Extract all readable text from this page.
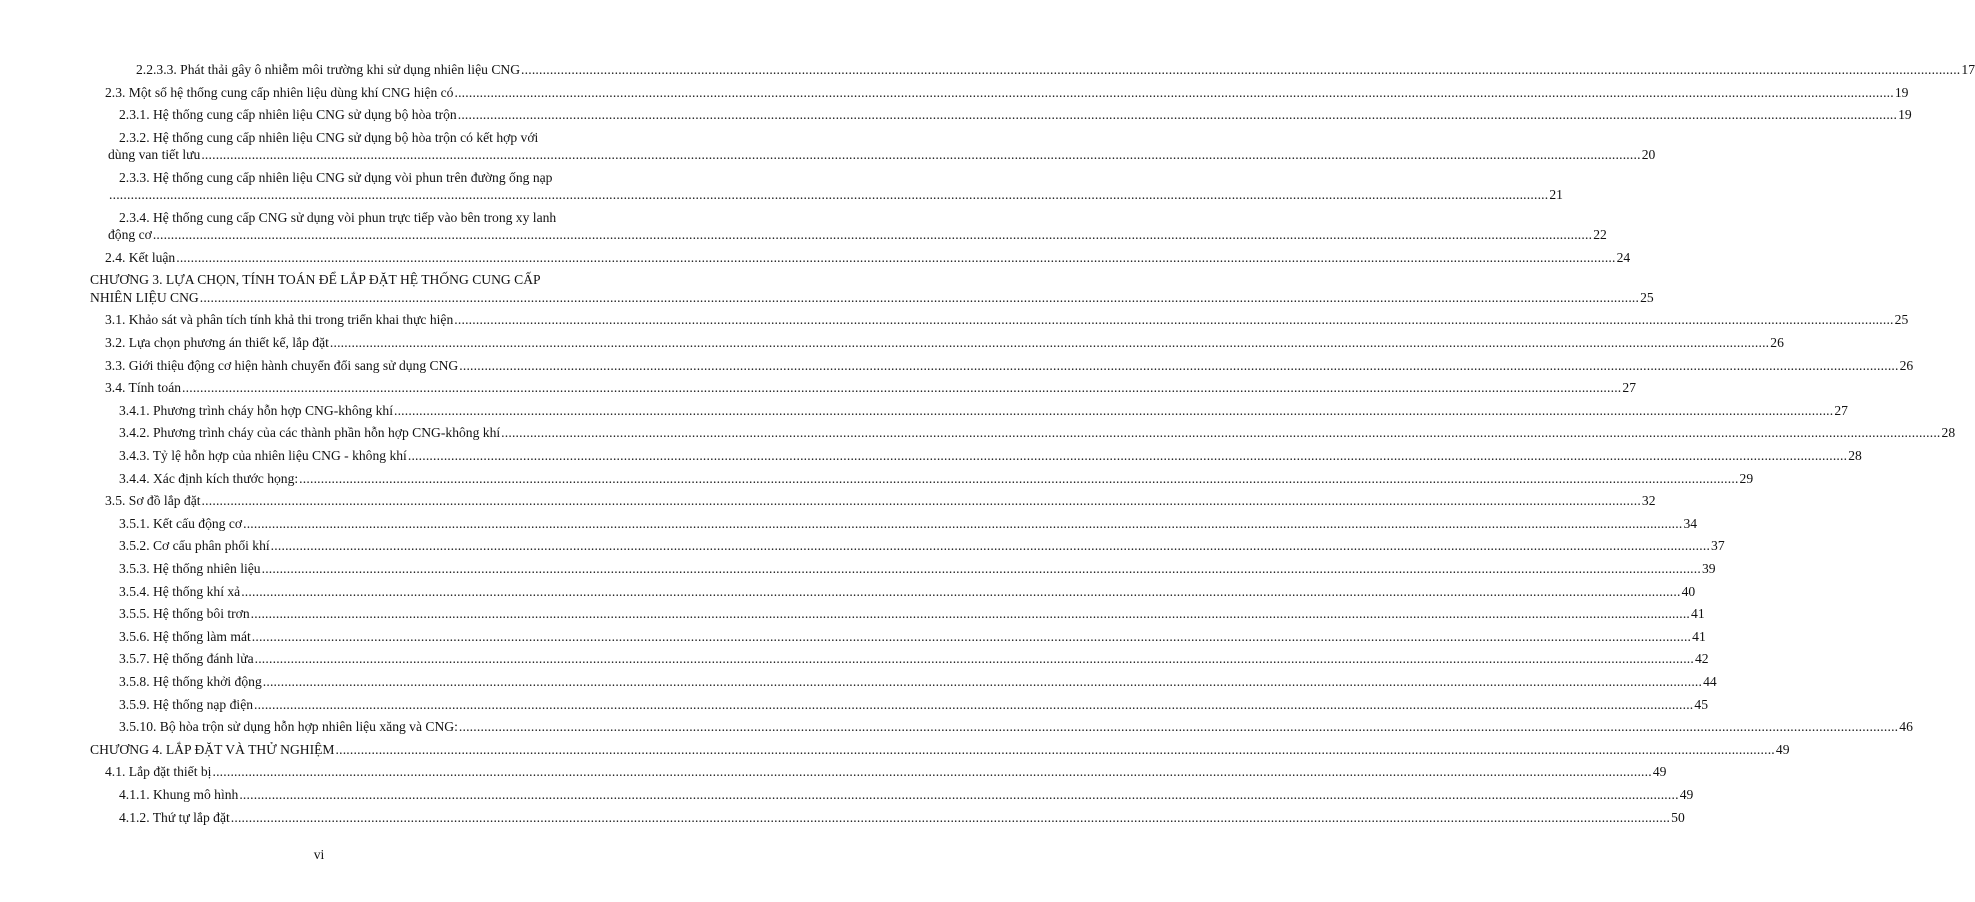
2.2.3.3. Phát thải gây ô nhiễm môi trường khi sử dụng nhiên liệu CNG ................................................................................................................................................................................................................................................................................................................................................................................................................ 17
2.3. Một số hệ thống cung cấp nhiên liệu dùng khí CNG hiện có ................................................................................................................................................................................................................................................................................................................................................................................................................ 19
2.3.1. Hệ thống cung cấp nhiên liệu CNG sử dụng bộ hòa trộn ................................................................................................................................................................................................................................................................................................................................................................................................................ 19
2.3.2. Hệ thống cung cấp nhiên liệu CNG sử dụng bộ hòa trộn có kết hợp với
dùng van tiết lưu ................................................................................................................................................................................................................................................................................................................................................................................................................ 20
2.3.3. Hệ thống cung cấp nhiên liệu CNG sử dụng vòi phun trên đường ống nạp
................................................................................................................................................................................................................................................................................................................................................................................................................ 21
2.3.4. Hệ thống cung cấp CNG sử dụng vòi phun trực tiếp vào bên trong xy lanh
động cơ ................................................................................................................................................................................................................................................................................................................................................................................................................ 22
2.4. Kết luận ................................................................................................................................................................................................................................................................................................................................................................................................................ 24
CHƯƠNG 3. LỰA CHỌN, TÍNH TOÁN ĐỂ LẮP ĐẶT HỆ THỐNG CUNG CẤP
NHIÊN LIỆU CNG ................................................................................................................................................................................................................................................................................................................................................................................................................ 25
3.1. Khảo sát và phân tích tính khả thi trong triển khai thực hiện ................................................................................................................................................................................................................................................................................................................................................................................................................ 25
3.2. Lựa chọn phương án thiết kế, lắp đặt ................................................................................................................................................................................................................................................................................................................................................................................................................ 26
3.3. Giới thiệu động cơ hiện hành chuyển đổi sang sử dụng CNG ................................................................................................................................................................................................................................................................................................................................................................................................................ 26
3.4. Tính toán ................................................................................................................................................................................................................................................................................................................................................................................................................ 27
3.4.1. Phương trình cháy hỗn hợp CNG-không khí ................................................................................................................................................................................................................................................................................................................................................................................................................ 27
3.4.2. Phương trình cháy của các thành phần hỗn hợp CNG-không khí ................................................................................................................................................................................................................................................................................................................................................................................................................ 28
3.4.3. Tỷ lệ hỗn hợp của nhiên liệu CNG - không khí ................................................................................................................................................................................................................................................................................................................................................................................................................ 28
3.4.4. Xác định kích thước họng: ................................................................................................................................................................................................................................................................................................................................................................................................................ 29
3.5. Sơ đồ lắp đặt ................................................................................................................................................................................................................................................................................................................................................................................................................ 32
3.5.1. Kết cấu động cơ ................................................................................................................................................................................................................................................................................................................................................................................................................ 34
3.5.2. Cơ cấu phân phối khí ................................................................................................................................................................................................................................................................................................................................................................................................................ 37
3.5.3. Hệ thống nhiên liệu ................................................................................................................................................................................................................................................................................................................................................................................................................ 39
3.5.4. Hệ thống khí xả ................................................................................................................................................................................................................................................................................................................................................................................................................ 40
3.5.5. Hệ thống bôi trơn ................................................................................................................................................................................................................................................................................................................................................................................................................ 41
3.5.6. Hệ thống làm mát ................................................................................................................................................................................................................................................................................................................................................................................................................ 41
3.5.7. Hệ thống đánh lửa ................................................................................................................................................................................................................................................................................................................................................................................................................ 42
3.5.8. Hệ thống khởi động ................................................................................................................................................................................................................................................................................................................................................................................................................ 44
3.5.9. Hệ thống nạp điện ................................................................................................................................................................................................................................................................................................................................................................................................................ 45
3.5.10. Bộ hòa trộn sử dụng hỗn hợp nhiên liệu xăng và CNG: ................................................................................................................................................................................................................................................................................................................................................................................................................ 46
CHƯƠNG 4. LẮP ĐẶT VÀ THỬ NGHIỆM ................................................................................................................................................................................................................................................................................................................................................................................................................ 49
4.1. Lắp đặt thiết bị ................................................................................................................................................................................................................................................................................................................................................................................................................ 49
4.1.1. Khung mô hình ................................................................................................................................................................................................................................................................................................................................................................................................................ 49
4.1.2. Thứ tự lắp đặt ................................................................................................................................................................................................................................................................................................................................................................................................................ 50
vi
